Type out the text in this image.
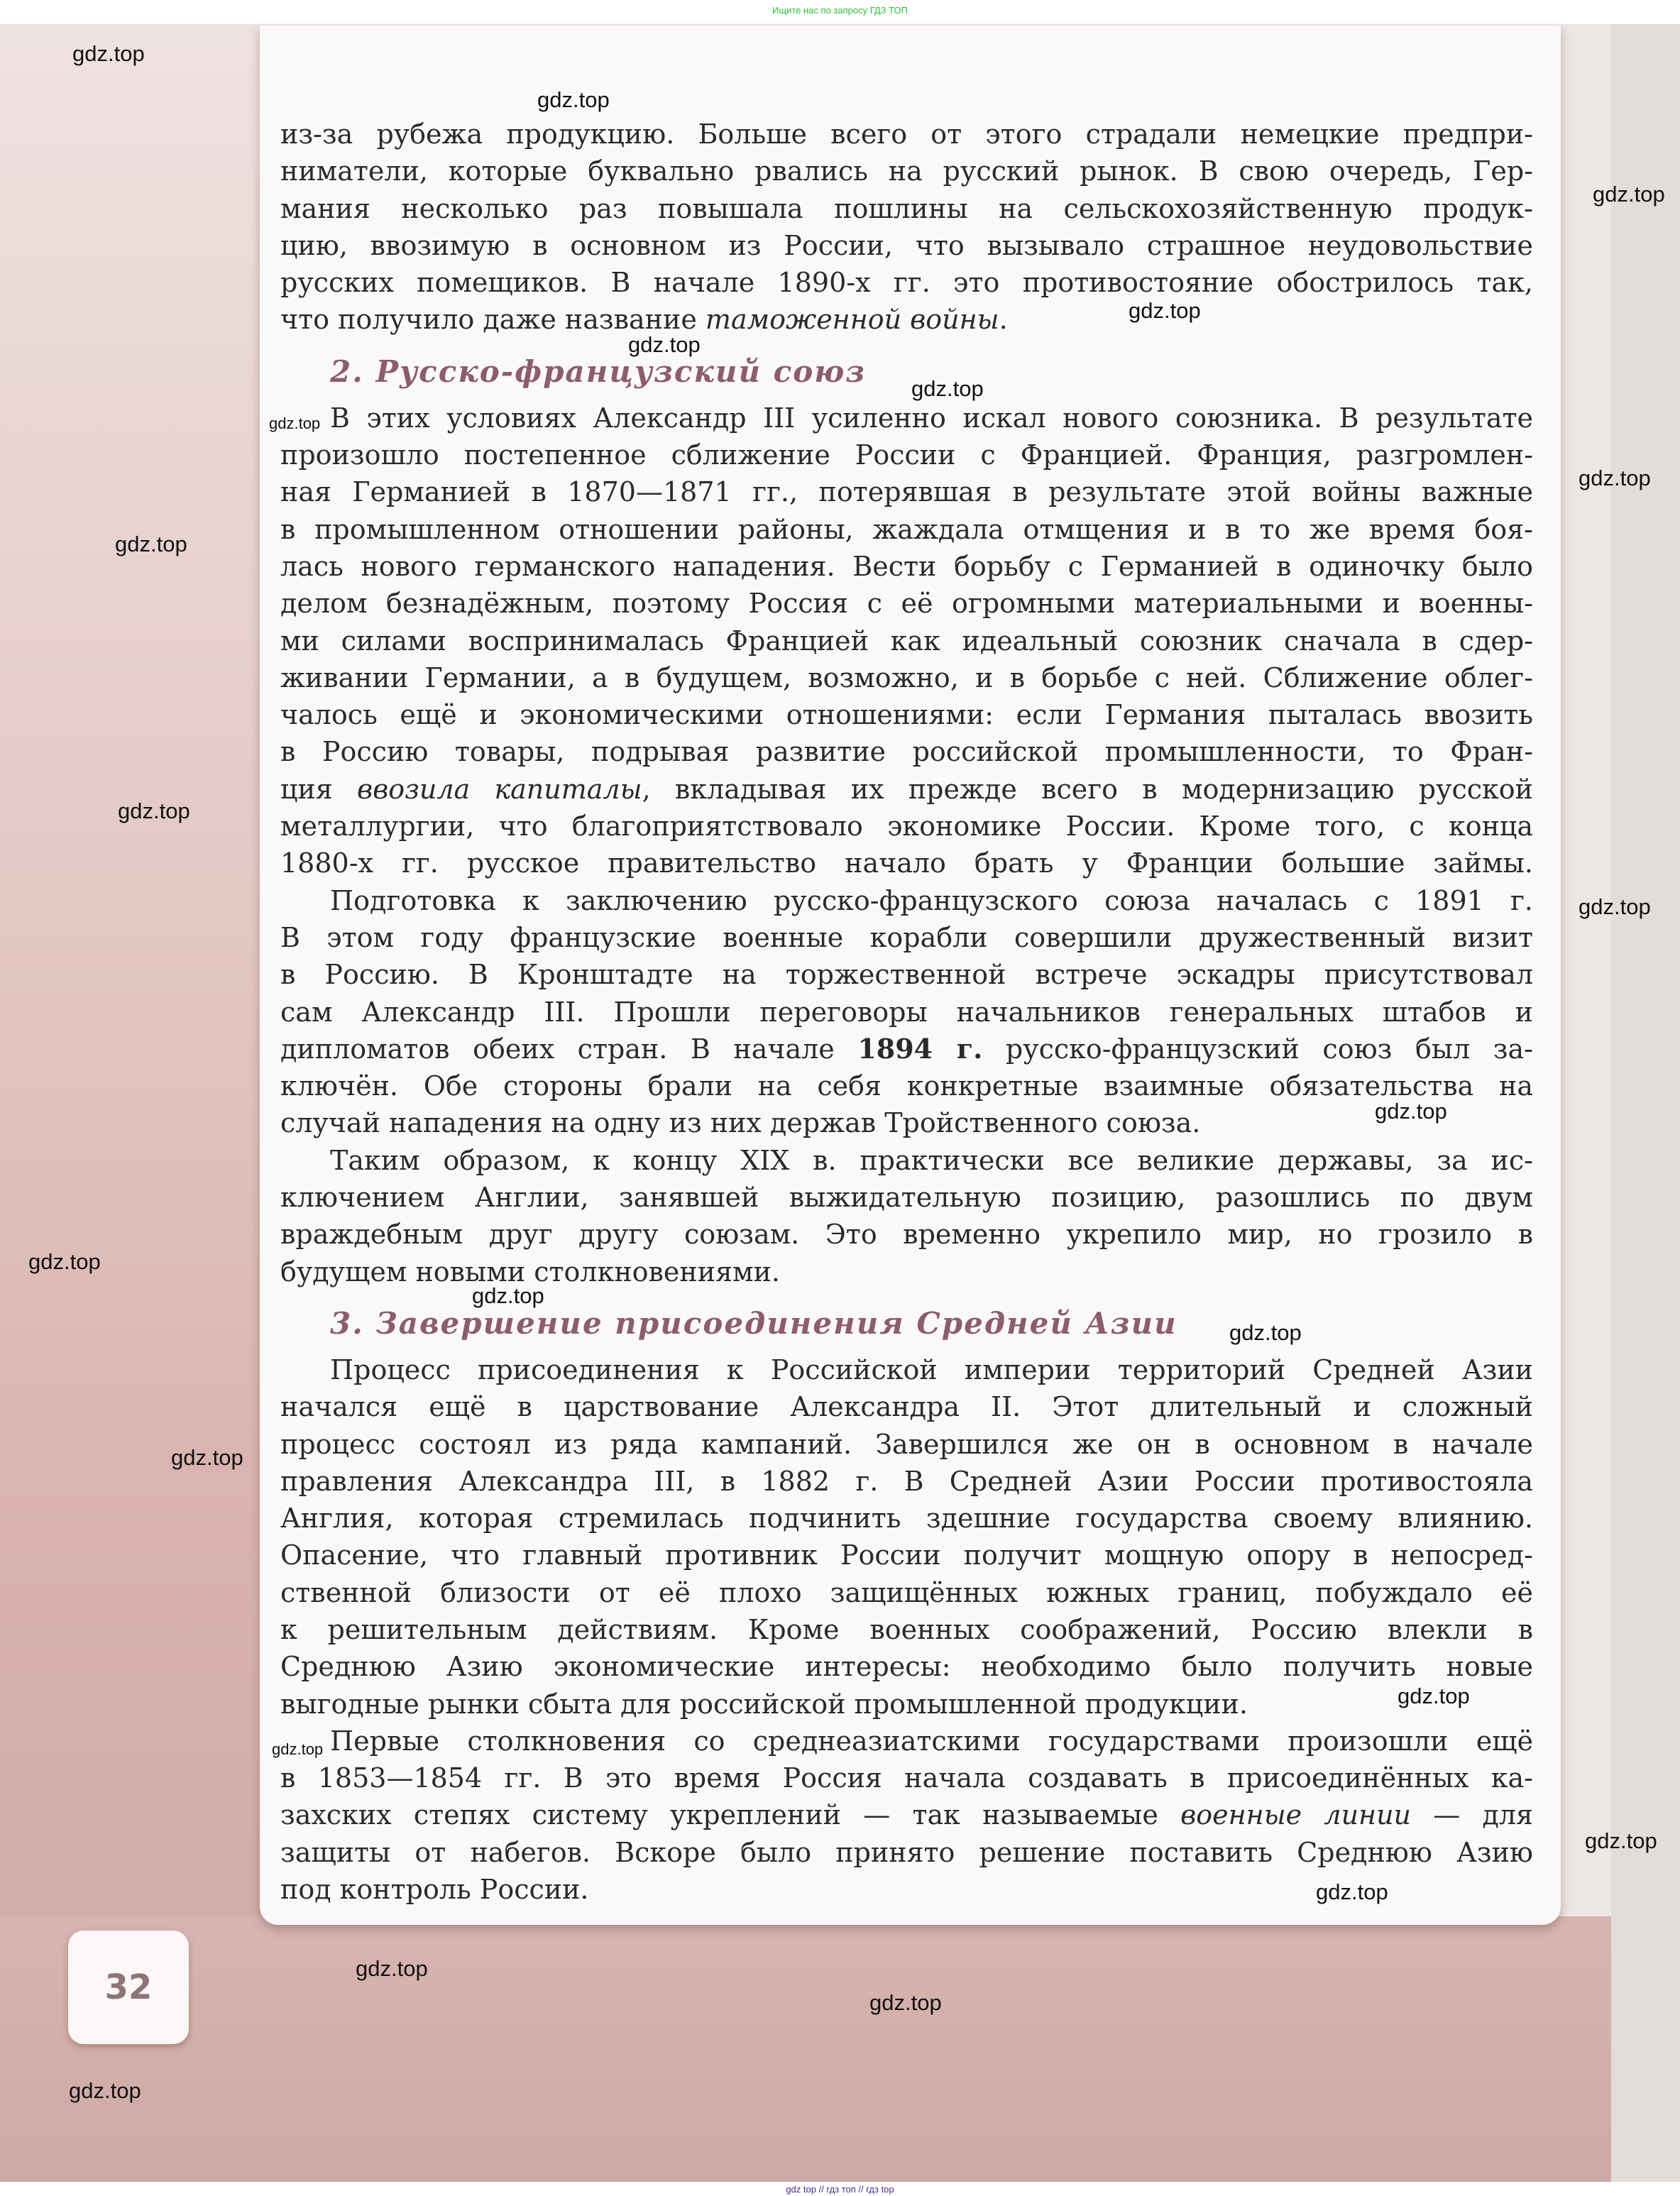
Ищите нас по запросу ГДЗ ТОП
из-за рубежа продукцию. Больше всего от этого страдали немецкие предпри-
ниматели, которые буквально рвались на русский рынок. В свою очередь, Гер-
мания несколько раз повышала пошлины на сельскохозяйственную продук-
цию, ввозимую в основном из России, что вызывало страшное неудовольствие
русских помещиков. В начале 1890-х гг. это противостояние обострилось так,
что получило даже название таможенной войны.
2. Русско-французский союз
В этих условиях Александр III усиленно искал нового союзника. В результате
произошло постепенное сближение России с Францией. Франция, разгромлен-
ная Германией в 1870—1871 гг., потерявшая в результате этой войны важные
в промышленном отношении районы, жаждала отмщения и в то же время боя-
лась нового германского нападения. Вести борьбу с Германией в одиночку было
делом безнадёжным, поэтому Россия с её огромными материальными и военны-
ми силами воспринималась Францией как идеальный союзник сначала в сдер-
живании Германии, а в будущем, возможно, и в борьбе с ней. Сближение облег-
чалось ещё и экономическими отношениями: если Германия пыталась ввозить
в Россию товары, подрывая развитие российской промышленности, то Фран-
ция ввозила капиталы, вкладывая их прежде всего в модернизацию русской
металлургии, что благоприятствовало экономике России. Кроме того, с конца
1880-х гг. русское правительство начало брать у Франции большие займы.
Подготовка к заключению русско-французского союза началась с 1891 г.
В этом году французские военные корабли совершили дружественный визит
в Россию. В Кронштадте на торжественной встрече эскадры присутствовал
сам Александр III. Прошли переговоры начальников генеральных штабов и
дипломатов обеих стран. В начале 1894 г. русско-французский союз был за-
ключён. Обе стороны брали на себя конкретные взаимные обязательства на
случай нападения на одну из них держав Тройственного союза.
Таким образом, к концу XIX в. практически все великие державы, за ис-
ключением Англии, занявшей выжидательную позицию, разошлись по двум
враждебным друг другу союзам. Это временно укрепило мир, но грозило в
будущем новыми столкновениями.
3. Завершение присоединения Средней Азии
Процесс присоединения к Российской империи территорий Средней Азии
начался ещё в царствование Александра II. Этот длительный и сложный
процесс состоял из ряда кампаний. Завершился же он в основном в начале
правления Александра III, в 1882 г. В Средней Азии России противостояла
Англия, которая стремилась подчинить здешние государства своему влиянию.
Опасение, что главный противник России получит мощную опору в непосред-
ственной близости от её плохо защищённых южных границ, побуждало её
к решительным действиям. Кроме военных соображений, Россию влекли в
Среднюю Азию экономические интересы: необходимо было получить новые
выгодные рынки сбыта для российской промышленной продукции.
Первые столкновения со среднеазиатскими государствами произошли ещё
в 1853—1854 гг. В это время Россия начала создавать в присоединённых ка-
захских степях систему укреплений — так называемые военные линии — для
защиты от набегов. Вскоре было принято решение поставить Среднюю Азию
под контроль России.
32
gdz.top
gdz.top
gdz.top
gdz.top
gdz.top
gdz.top
gdz.top
gdz.top
gdz.top
gdz.top
gdz.top
gdz.top
gdz.top
gdz.top
gdz.top
gdz.top
gdz.top
gdz.top
gdz.top
gdz.top
gdz.top
gdz.top
gdz.top
gdz top // гдз топ // гдз top
